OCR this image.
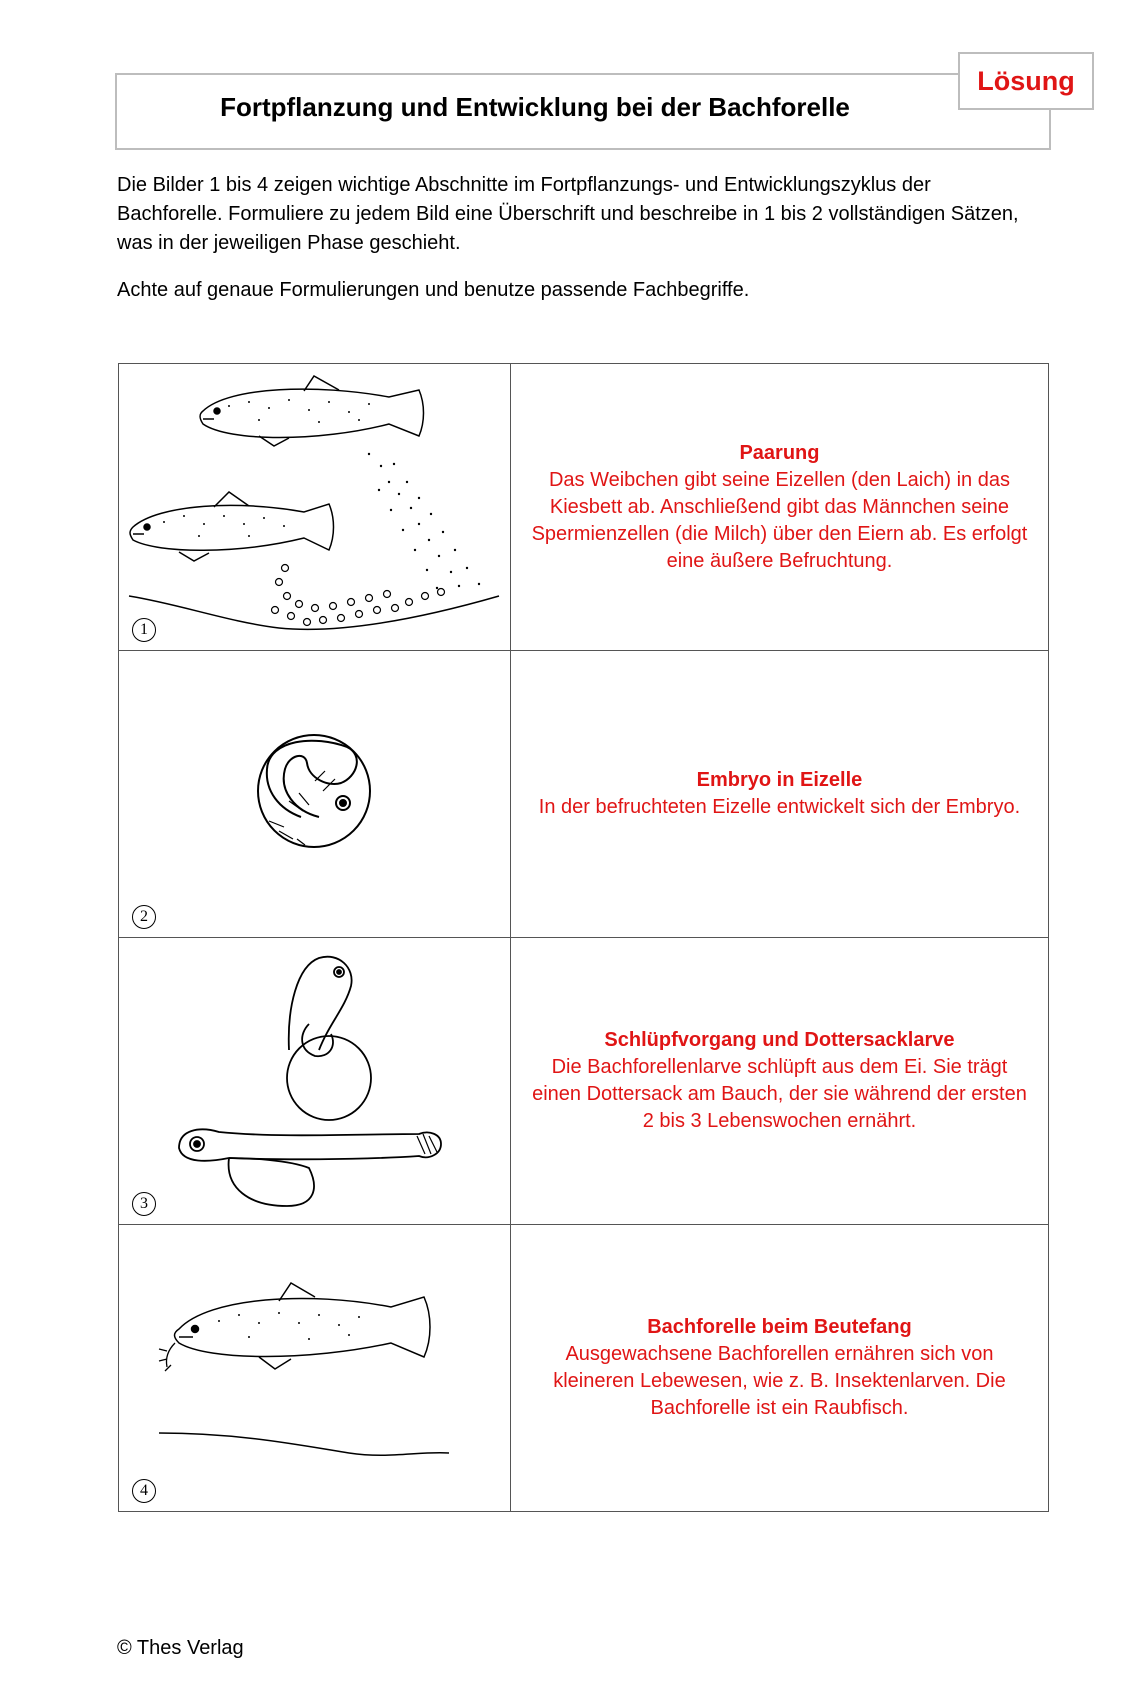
Fortpflanzung und Entwicklung bei der Bachforelle
Lösung

Die Bilder 1 bis 4 zeigen wichtige Abschnitte im Fortpflanzungs- und Entwicklungszyklus der Bachforelle. Formuliere zu jedem Bild eine Überschrift und beschreibe in 1 bis 2 vollständigen Sätzen, was in der jeweiligen Phase geschieht.

Achte auf genaue Formulierungen und benutze passende Fachbegriffe.

1	Paarung
Das Weibchen gibt seine Eizellen (den Laich) in das Kiesbett ab. Anschließend gibt das Männchen seine Spermienzellen (die Milch) über den Eiern ab. Es erfolgt eine äußere Befruchtung.

2	Embryo in Eizelle
In der befruchteten Eizelle entwickelt sich der Embryo.

3	Schlüpfvorgang und Dottersacklarve
Die Bachforellenlarve schlüpft aus dem Ei. Sie trägt einen Dottersack am Bauch, der sie während der ersten 2 bis 3 Lebenswochen ernährt.

4	Bachforelle beim Beutefang
Ausgewachsene Bachforellen ernähren sich von kleineren Lebewesen, wie z. B. Insektenlarven. Die Bachforelle ist ein Raubfisch.
© Thes Verlag
